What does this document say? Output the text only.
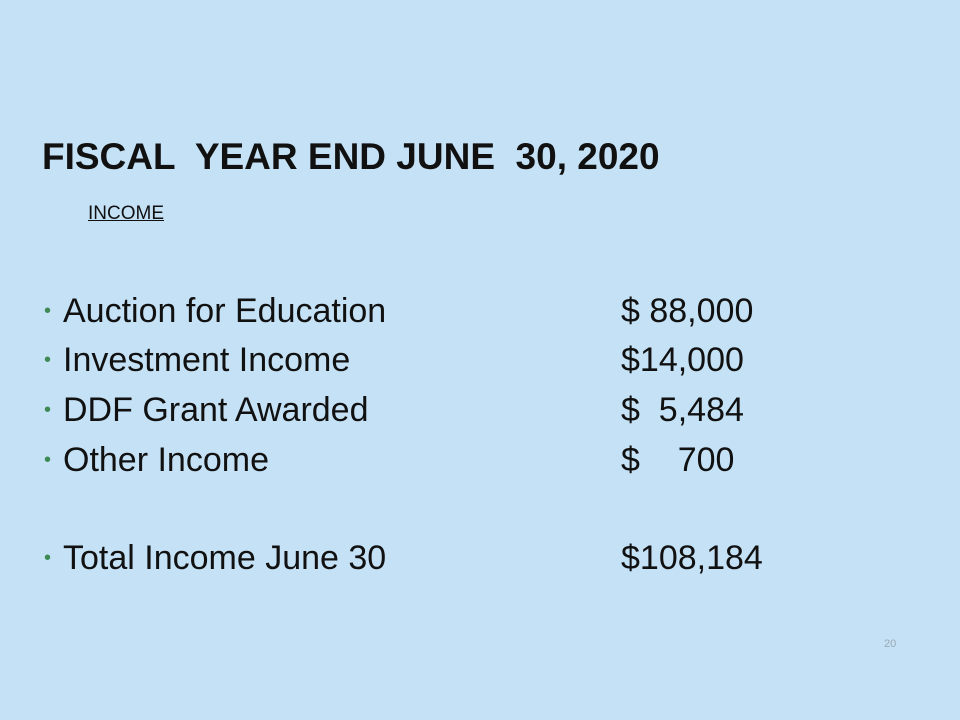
FISCAL  YEAR END JUNE  30, 2020
INCOME
• Auction for Education	$ 88,000
• Investment Income	$14,000
• DDF Grant Awarded	$  5,484
• Other Income	$    700
• Total Income June 30	$108,184
20
